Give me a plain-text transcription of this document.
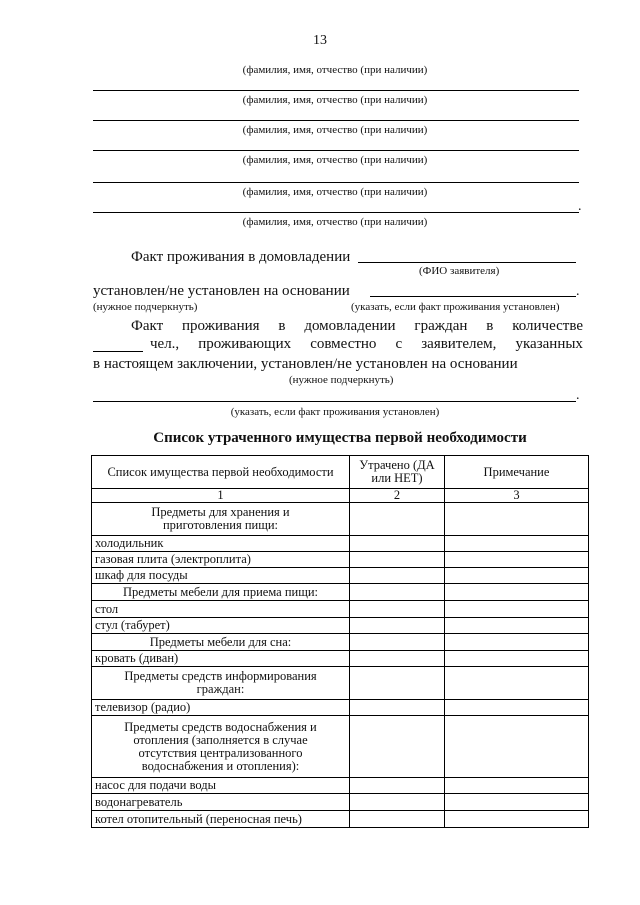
13
(фамилия, имя, отчество (при наличии)
(фамилия, имя, отчество (при наличии)
(фамилия, имя, отчество (при наличии)
(фамилия, имя, отчество (при наличии)
(фамилия, имя, отчество (при наличии)
.
(фамилия, имя, отчество (при наличии)
Факт проживания в домовладении
(ФИО заявителя)
установлен/не установлен на основании	.
(нужное подчеркнуть)	(указать, если факт проживания установлен)
Факт проживания в домовладении граждан в количестве
чел., проживающих совместно с заявителем, указанных
в настоящем заключении, установлен/не установлен на основании
(нужное подчеркнуть)
.
(указать, если факт проживания установлен)
Список утраченного имущества первой необходимости
Список имущества первой необходимости	Утрачено (ДА или НЕТ)	Примечание
1	2	3
Предметы для хранения и приготовления пищи:		
холодильник		
газовая плита (электроплита)		
шкаф для посуды		
Предметы мебели для приема пищи:		
стол		
стул (табурет)		
Предметы мебели для сна:		
кровать (диван)		
Предметы средств информирования граждан:		
телевизор (радио)		
Предметы средств водоснабжения и отопления (заполняется в случае отсутствия централизованного водоснабжения и отопления):		
насос для подачи воды		
водонагреватель		
котел отопительный (переносная печь)		
